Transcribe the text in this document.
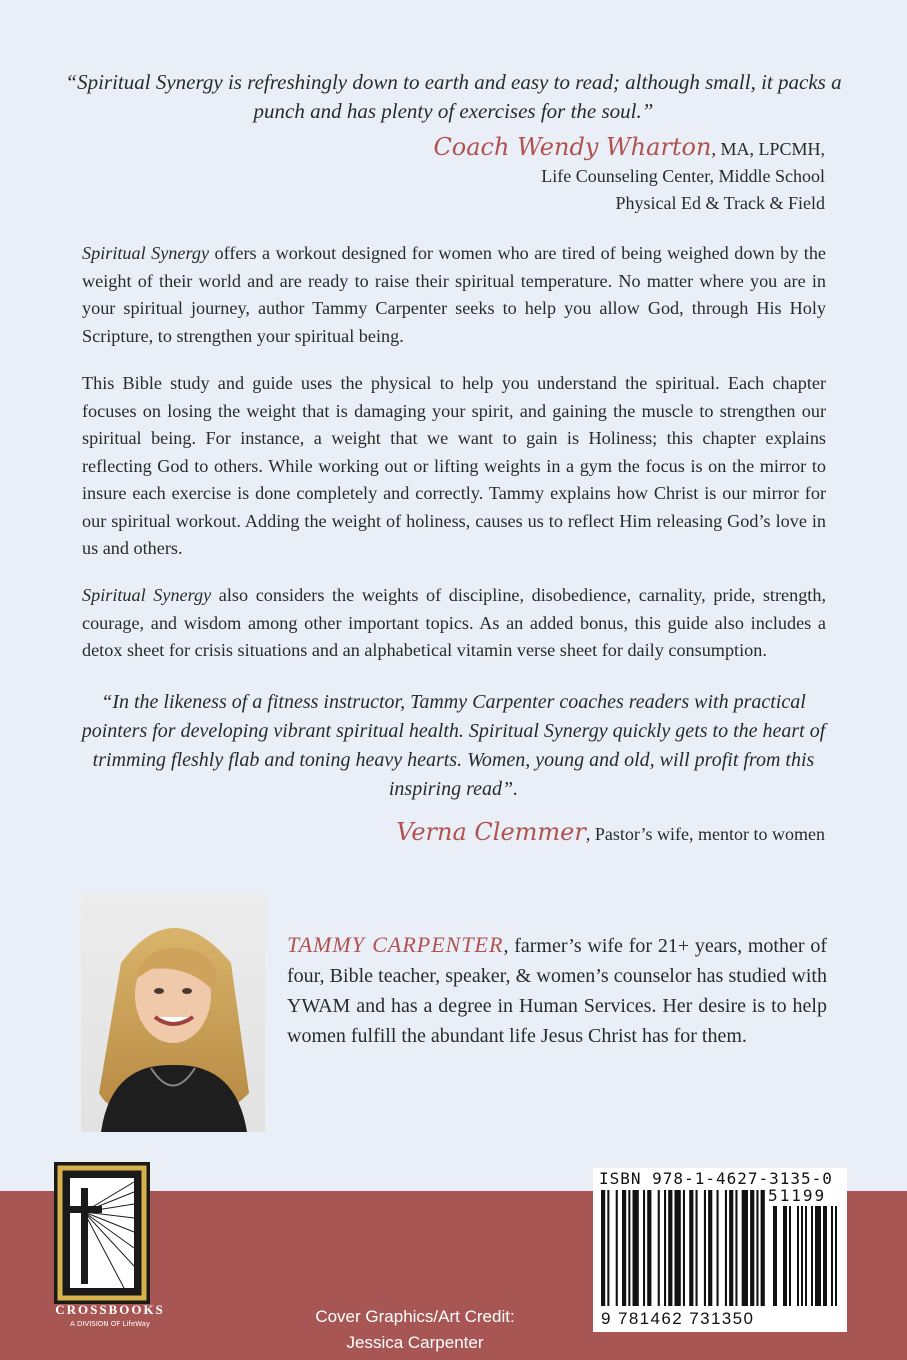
“Spiritual Synergy is refreshingly down to earth and easy to read; although small, it packs a punch and has plenty of exercises for the soul.”
Coach Wendy Wharton, MA, LPCMH,
Life Counseling Center, Middle School
Physical Ed & Track & Field

Spiritual Synergy offers a workout designed for women who are tired of being weighed down by the weight of their world and are ready to raise their spiritual temperature. No matter where you are in your spiritual journey, author Tammy Carpenter seeks to help you allow God, through His Holy Scripture, to strengthen your spiritual being.

This Bible study and guide uses the physical to help you understand the spiritual. Each chapter focuses on losing the weight that is damaging your spirit, and gaining the muscle to strengthen our spiritual being. For instance, a weight that we want to gain is Holiness; this chapter explains reflecting God to others. While working out or lifting weights in a gym the focus is on the mirror to insure each exercise is done completely and correctly. Tammy explains how Christ is our mirror for our spiritual workout. Adding the weight of holiness, causes us to reflect Him releasing God’s love in us and others.

Spiritual Synergy also considers the weights of discipline, disobedience, carnality, pride, strength, courage, and wisdom among other important topics. As an added bonus, this guide also includes a detox sheet for crisis situations and an alphabetical vitamin verse sheet for daily consumption.

“In the likeness of a fitness instructor, Tammy Carpenter coaches readers with practical pointers for developing vibrant spiritual health. Spiritual Synergy quickly gets to the heart of trimming fleshly flab and toning heavy hearts. Women, young and old, will profit from this inspiring read”.
Verna Clemmer, Pastor’s wife, mentor to women
TAMMY CARPENTER, farmer’s wife for 21+ years, mother of four, Bible teacher, speaker, & women’s counselor has studied with YWAM and has a degree in Human Services. Her desire is to help women fulfill the abundant life Jesus Christ has for them.
CROSSBOOKS
A DIVISION OF LifeWay	Cover Graphics/Art Credit:
Jessica Carpenter
ISBN 978-1-4627-3135-0
51199
9 781462 731350
